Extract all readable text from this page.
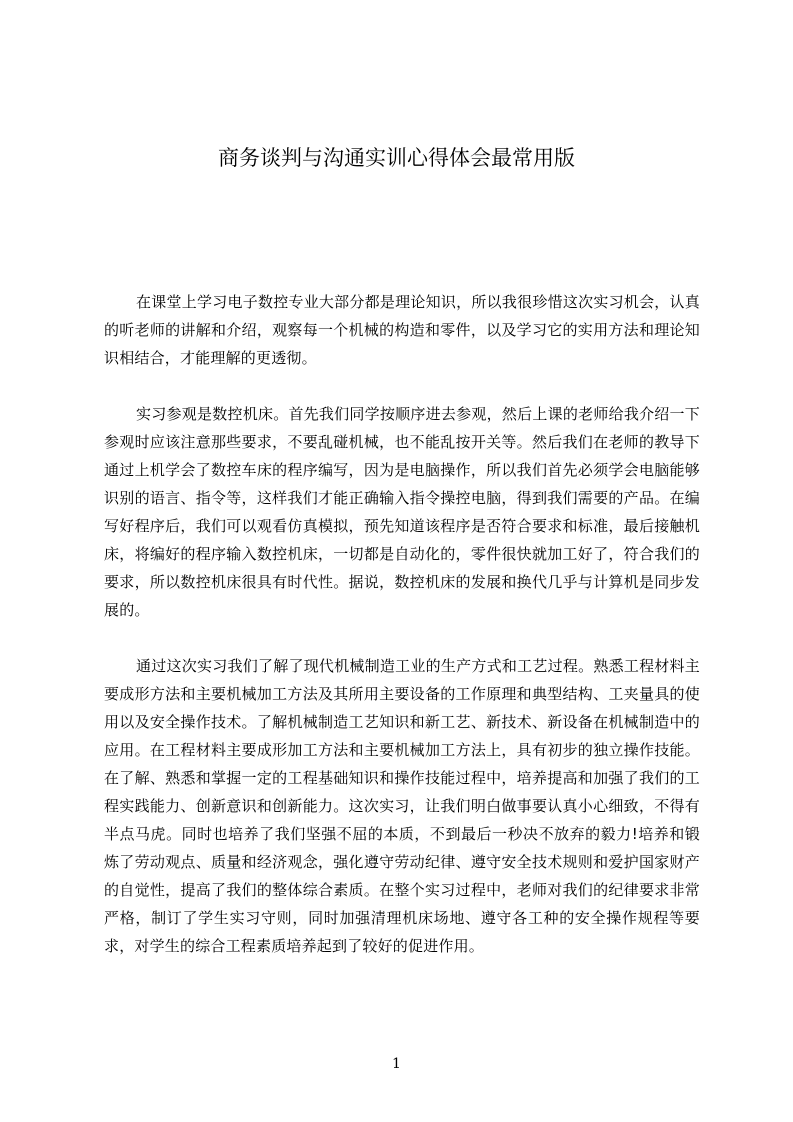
商务谈判与沟通实训心得体会最常用版

在课堂上学习电子数控专业大部分都是理论知识，所以我很珍惜这次实习机会，认真的听老师的讲解和介绍，观察每一个机械的构造和零件，以及学习它的实用方法和理论知识相结合，才能理解的更透彻。

实习参观是数控机床。首先我们同学按顺序进去参观，然后上课的老师给我介绍一下参观时应该注意那些要求，不要乱碰机械，也不能乱按开关等。然后我们在老师的教导下通过上机学会了数控车床的程序编写，因为是电脑操作，所以我们首先必须学会电脑能够识别的语言、指令等，这样我们才能正确输入指令操控电脑，得到我们需要的产品。在编写好程序后，我们可以观看仿真模拟，预先知道该程序是否符合要求和标准，最后接触机床，将编好的程序输入数控机床，一切都是自动化的，零件很快就加工好了，符合我们的要求，所以数控机床很具有时代性。据说，数控机床的发展和换代几乎与计算机是同步发展的。

通过这次实习我们了解了现代机械制造工业的生产方式和工艺过程。熟悉工程材料主要成形方法和主要机械加工方法及其所用主要设备的工作原理和典型结构、工夹量具的使用以及安全操作技术。了解机械制造工艺知识和新工艺、新技术、新设备在机械制造中的应用。在工程材料主要成形加工方法和主要机械加工方法上，具有初步的独立操作技能。在了解、熟悉和掌握一定的工程基础知识和操作技能过程中，培养提高和加强了我们的工程实践能力、创新意识和创新能力。这次实习，让我们明白做事要认真小心细致，不得有半点马虎。同时也培养了我们坚强不屈的本质，不到最后一秒决不放弃的毅力!培养和锻炼了劳动观点、质量和经济观念，强化遵守劳动纪律、遵守安全技术规则和爱护国家财产的自觉性，提高了我们的整体综合素质。在整个实习过程中，老师对我们的纪律要求非常严格，制订了学生实习守则，同时加强清理机床场地、遵守各工种的安全操作规程等要求，对学生的综合工程素质培养起到了较好的促进作用。

1
